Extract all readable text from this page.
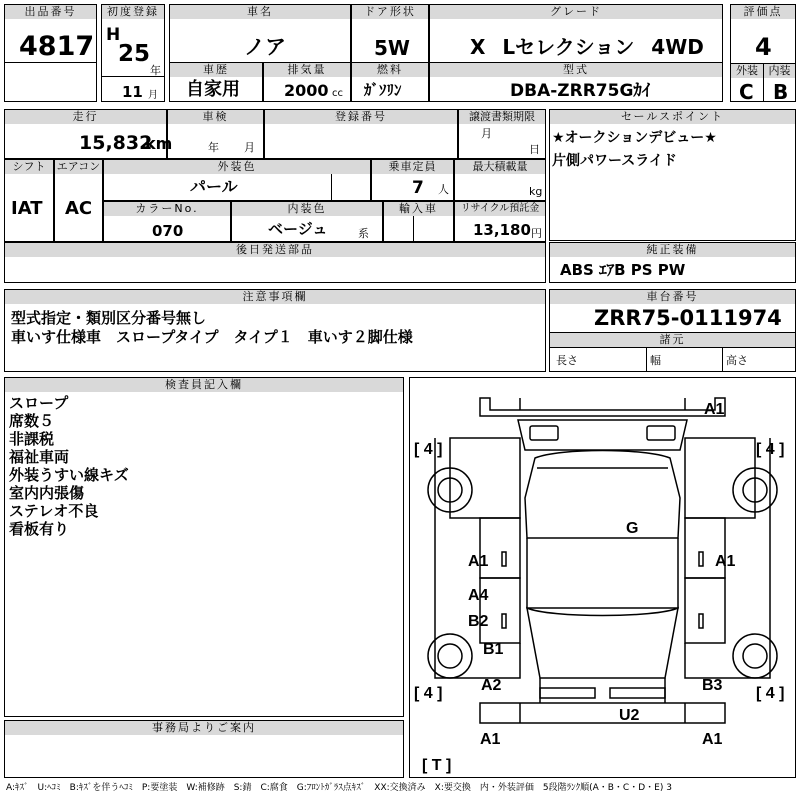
出品番号
4817
初度登録
H
25
年
11 月
車名
ノア
ドア形状
5W
グレード
X Lセレクション 4WD
評価点
4
外装 内装
C B
車歴
自家用
排気量
2000 cc
燃料
ｶﾞｿﾘﾝ
型式
DBA-ZRR75Gｶｲ
走行
15,832
km
車検
年 月
登録番号	譲渡書類期限
月
日
シフト
IAT
エアコン
AC
外装色
パール
乗車定員
7 人
最大積載量
kg
カラーNo.
070
内装色
ベージュ	系
輸入車	リサイクル預託金
13,180 円
後日発送部品
セールスポイント
★オークションデビュー★
片側パワースライド
純正装備
ABS ｴｱB PS PW
注意事項欄
型式指定・類別区分番号無し
車いす仕様車　スロープタイプ　タイプ１　車いす２脚仕様
車台番号
ZRR75-0111974
諸元
長さ	幅	高さ
検査員記入欄
スロープ
席数５
非課税
福祉車両
外装うすい線キズ
室内内張傷
ステレオ不良
看板有り
事務局よりご案内
A1
[ 4 ]	[ 4 ]
G
A1	A1
A4
B2
B1
[ 4 ]	[ 4 ]
A2	B3
U2
A1	A1
[ T ]
A:ｷｽﾞ　U:ﾍｺﾐ　B:ｷｽﾞを伴うﾍｺﾐ　P:要塗装　W:補修跡　S:錆　C:腐食　G:ﾌﾛﾝﾄｶﾞﾗｽ点ｷｽﾞ　XX:交換済み　X:要交換　内・外装評価　5段階ﾗﾝｸ順(A・B・C・D・E) 3
